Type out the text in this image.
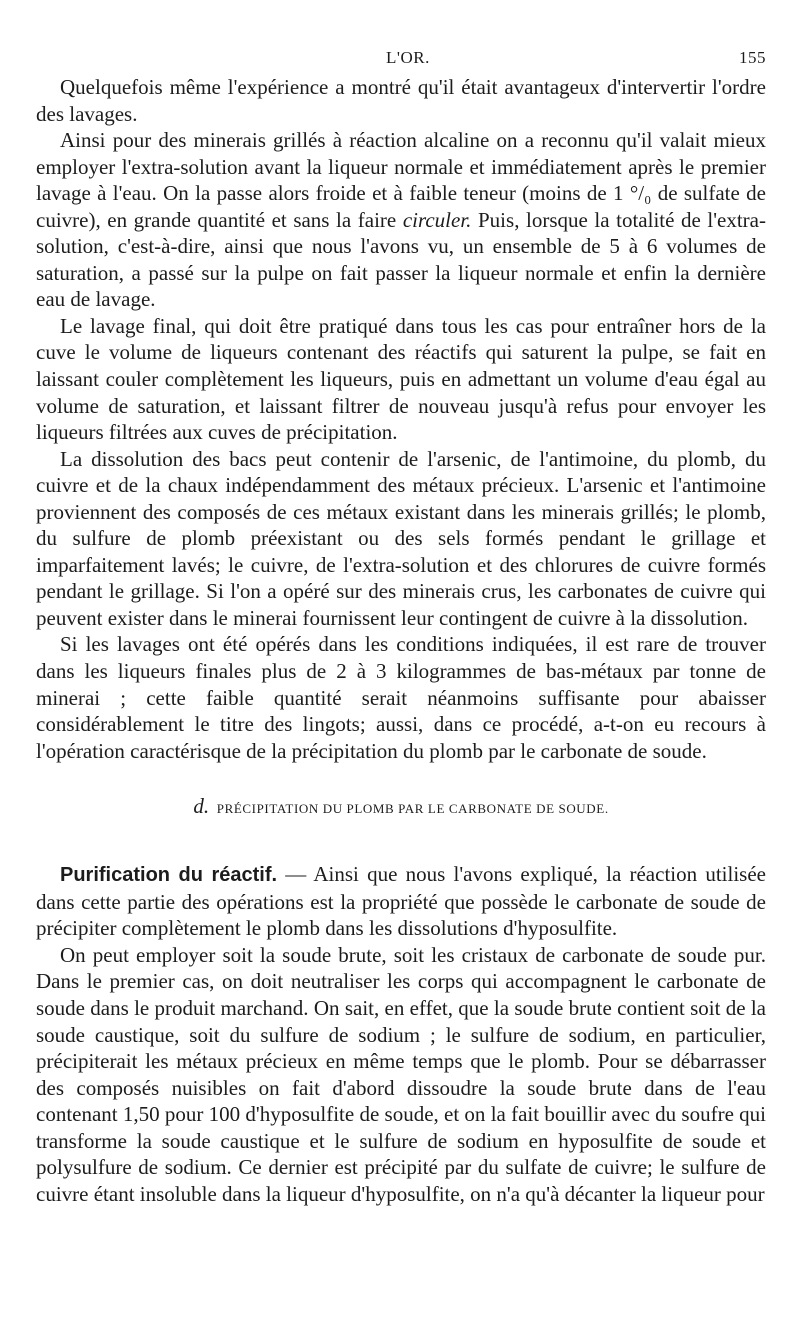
L'OR.	155

Quelquefois même l'expérience a montré qu'il était avantageux d'intervertir l'ordre des lavages.

Ainsi pour des minerais grillés à réaction alcaline on a reconnu qu'il valait mieux employer l'extra-solution avant la liqueur normale et immédiatement après le premier lavage à l'eau. On la passe alors froide et à faible teneur (moins de 1 °/₀ de sulfate de cuivre), en grande quantité et sans la faire circuler. Puis, lorsque la totalité de l'extra-solution, c'est-à-dire, ainsi que nous l'avons vu, un ensemble de 5 à 6 volumes de saturation, a passé sur la pulpe on fait passer la liqueur normale et enfin la dernière eau de lavage.

Le lavage final, qui doit être pratiqué dans tous les cas pour entraîner hors de la cuve le volume de liqueurs contenant des réactifs qui saturent la pulpe, se fait en laissant couler complètement les liqueurs, puis en admettant un volume d'eau égal au volume de saturation, et laissant filtrer de nouveau jusqu'à refus pour envoyer les liqueurs filtrées aux cuves de précipitation.

La dissolution des bacs peut contenir de l'arsenic, de l'antimoine, du plomb, du cuivre et de la chaux indépendamment des métaux précieux. L'arsenic et l'antimoine proviennent des composés de ces métaux existant dans les minerais grillés; le plomb, du sulfure de plomb préexistant ou des sels formés pendant le grillage et imparfaitement lavés; le cuivre, de l'extra-solution et des chlorures de cuivre formés pendant le grillage. Si l'on a opéré sur des minerais crus, les carbonates de cuivre qui peuvent exister dans le minerai fournissent leur contingent de cuivre à la dissolution.

Si les lavages ont été opérés dans les conditions indiquées, il est rare de trouver dans les liqueurs finales plus de 2 à 3 kilogrammes de bas-métaux par tonne de minerai ; cette faible quantité serait néanmoins suffisante pour abaisser considérablement le titre des lingots; aussi, dans ce procédé, a-t-on eu recours à l'opération caractérisque de la précipitation du plomb par le carbonate de soude.

d. PRÉCIPITATION DU PLOMB PAR LE CARBONATE DE SOUDE.

Purification du réactif. — Ainsi que nous l'avons expliqué, la réaction utilisée dans cette partie des opérations est la propriété que possède le carbonate de soude de précipiter complètement le plomb dans les dissolutions d'hyposulfite.

On peut employer soit la soude brute, soit les cristaux de carbonate de soude pur. Dans le premier cas, on doit neutraliser les corps qui accompagnent le carbonate de soude dans le produit marchand. On sait, en effet, que la soude brute contient soit de la soude caustique, soit du sulfure de sodium ; le sulfure de sodium, en particulier, précipiterait les métaux précieux en même temps que le plomb. Pour se débarrasser des composés nuisibles on fait d'abord dissoudre la soude brute dans de l'eau contenant 1,50 pour 100 d'hyposulfite de soude, et on la fait bouillir avec du soufre qui transforme la soude caustique et le sulfure de sodium en hyposulfite de soude et polysulfure de sodium. Ce dernier est précipité par du sulfate de cuivre; le sulfure de cuivre étant insoluble dans la liqueur d'hyposulfite, on n'a qu'à décanter la liqueur pour
